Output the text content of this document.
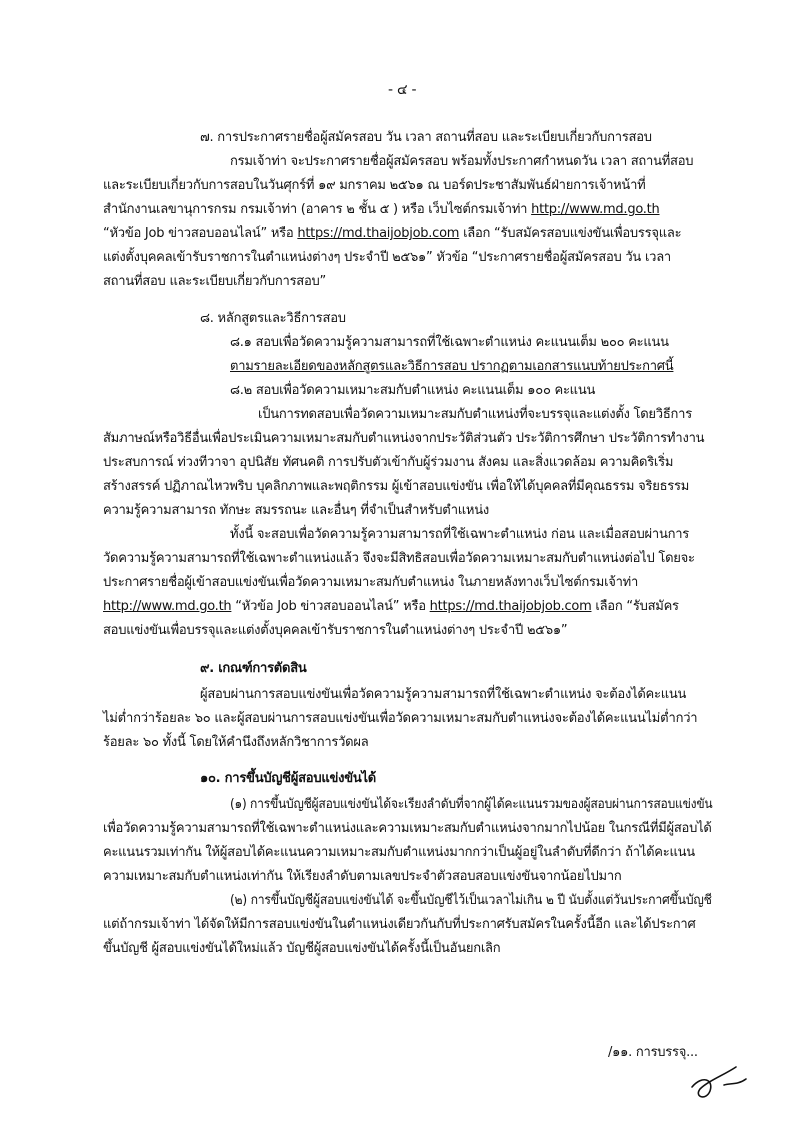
- ๔ -

๗. การประกาศรายชื่อผู้สมัครสอบ วัน เวลา สถานที่สอบ และระเบียบเกี่ยวกับการสอบ

กรมเจ้าท่า จะประกาศรายชื่อผู้สมัครสอบ พร้อมทั้งประกาศกำหนดวัน เวลา สถานที่สอบ

และระเบียบเกี่ยวกับการสอบในวันศุกร์ที่ ๑๙ มกราคม ๒๕๖๑ ณ บอร์ดประชาสัมพันธ์ฝ่ายการเจ้าหน้าที่

สำนักงานเลขานุการกรม กรมเจ้าท่า (อาคาร ๒ ชั้น ๕ ) หรือ เว็บไซต์กรมเจ้าท่า http://www.md.go.th

“หัวข้อ Job ข่าวสอบออนไลน์” หรือ https://md.thaijobjob.com เลือก “รับสมัครสอบแข่งขันเพื่อบรรจุและ

แต่งตั้งบุคคลเข้ารับราชการในตำแหน่งต่างๆ ประจำปี ๒๕๖๑” หัวข้อ “ประกาศรายชื่อผู้สมัครสอบ วัน เวลา

สถานที่สอบ และระเบียบเกี่ยวกับการสอบ”

๘. หลักสูตรและวิธีการสอบ

๘.๑ สอบเพื่อวัดความรู้ความสามารถที่ใช้เฉพาะตำแหน่ง คะแนนเต็ม ๒๐๐ คะแนน

ตามรายละเอียดของหลักสูตรและวิธีการสอบ ปรากฏตามเอกสารแนบท้ายประกาศนี้

๘.๒ สอบเพื่อวัดความเหมาะสมกับตำแหน่ง คะแนนเต็ม ๑๐๐ คะแนน

เป็นการทดสอบเพื่อวัดความเหมาะสมกับตำแหน่งที่จะบรรจุและแต่งตั้ง โดยวิธีการ

สัมภาษณ์หรือวิธีอื่นเพื่อประเมินความเหมาะสมกับตำแหน่งจากประวัติส่วนตัว ประวัติการศึกษา ประวัติการทำงาน

ประสบการณ์ ท่วงทีวาจา อุปนิสัย ทัศนคติ การปรับตัวเข้ากับผู้ร่วมงาน สังคม และสิ่งแวดล้อม ความคิดริเริ่ม

สร้างสรรค์ ปฏิภาณไหวพริบ บุคลิกภาพและพฤติกรรม ผู้เข้าสอบแข่งขัน เพื่อให้ได้บุคคลที่มีคุณธรรม จริยธรรม

ความรู้ความสามารถ ทักษะ สมรรถนะ และอื่นๆ ที่จำเป็นสำหรับตำแหน่ง

ทั้งนี้ จะสอบเพื่อวัดความรู้ความสามารถที่ใช้เฉพาะตำแหน่ง ก่อน และเมื่อสอบผ่านการ

วัดความรู้ความสามารถที่ใช้เฉพาะตำแหน่งแล้ว จึงจะมีสิทธิสอบเพื่อวัดความเหมาะสมกับตำแหน่งต่อไป โดยจะ

ประกาศรายชื่อผู้เข้าสอบแข่งขันเพื่อวัดความเหมาะสมกับตำแหน่ง ในภายหลังทางเว็บไซต์กรมเจ้าท่า

http://www.md.go.th “หัวข้อ Job ข่าวสอบออนไลน์” หรือ https://md.thaijobjob.com เลือก “รับสมัคร

สอบแข่งขันเพื่อบรรจุและแต่งตั้งบุคคลเข้ารับราชการในตำแหน่งต่างๆ ประจำปี ๒๕๖๑”

๙. เกณฑ์การตัดสิน

ผู้สอบผ่านการสอบแข่งขันเพื่อวัดความรู้ความสามารถที่ใช้เฉพาะตำแหน่ง จะต้องได้คะแนน

ไม่ต่ำกว่าร้อยละ ๖๐ และผู้สอบผ่านการสอบแข่งขันเพื่อวัดความเหมาะสมกับตำแหน่งจะต้องได้คะแนนไม่ต่ำกว่า

ร้อยละ ๖๐ ทั้งนี้ โดยให้คำนึงถึงหลักวิชาการวัดผล

๑๐. การขึ้นบัญชีผู้สอบแข่งขันได้

(๑) การขึ้นบัญชีผู้สอบแข่งขันได้จะเรียงลำดับที่จากผู้ได้คะแนนรวมของผู้สอบผ่านการสอบแข่งขัน

เพื่อวัดความรู้ความสามารถที่ใช้เฉพาะตำแหน่งและความเหมาะสมกับตำแหน่งจากมากไปน้อย ในกรณีที่มีผู้สอบได้

คะแนนรวมเท่ากัน ให้ผู้สอบได้คะแนนความเหมาะสมกับตำแหน่งมากกว่าเป็นผู้อยู่ในลำดับที่ดีกว่า ถ้าได้คะแนน

ความเหมาะสมกับตำแหน่งเท่ากัน ให้เรียงลำดับตามเลขประจำตัวสอบสอบแข่งขันจากน้อยไปมาก

(๒) การขึ้นบัญชีผู้สอบแข่งขันได้ จะขึ้นบัญชีไว้เป็นเวลาไม่เกิน ๒ ปี นับตั้งแต่วันประกาศขึ้นบัญชี

แต่ถ้ากรมเจ้าท่า ได้จัดให้มีการสอบแข่งขันในตำแหน่งเดียวกันกับที่ประกาศรับสมัครในครั้งนี้อีก และได้ประกาศ

ขึ้นบัญชี ผู้สอบแข่งขันได้ใหม่แล้ว บัญชีผู้สอบแข่งขันได้ครั้งนี้เป็นอันยกเลิก

/๑๑. การบรรจุ...
